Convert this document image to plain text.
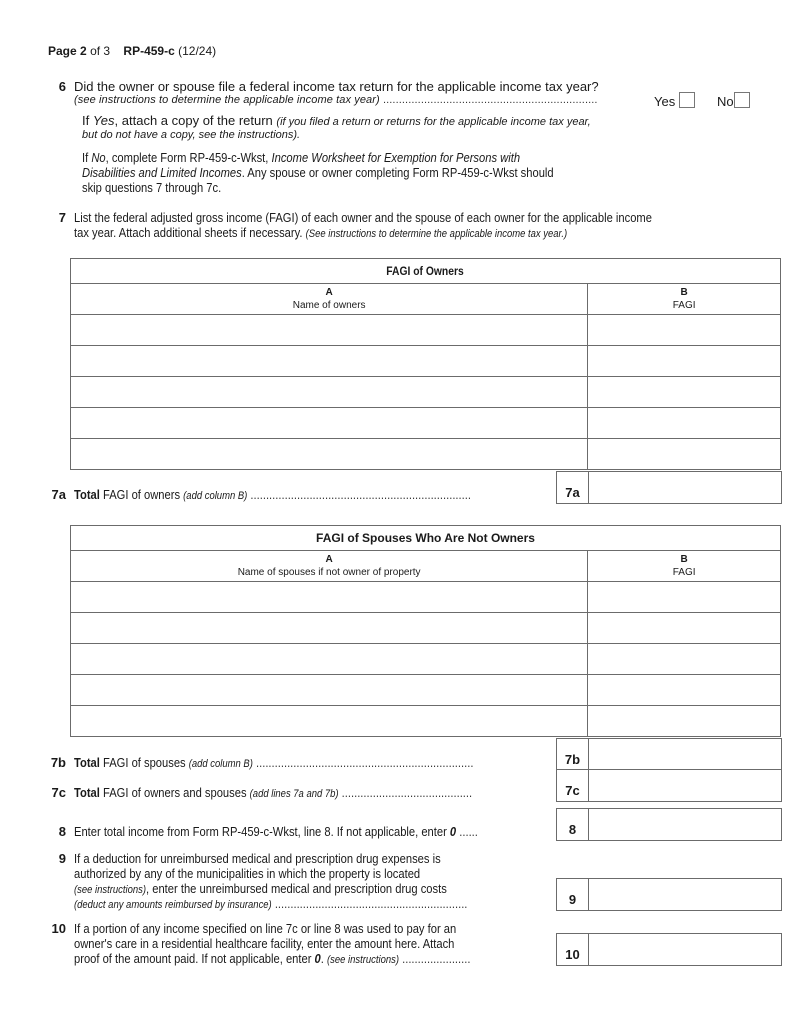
Page 2 of 3 RP-459-c (12/24)
6 Did the owner or spouse file a federal income tax return for the applicable income tax year?
(see instructions to determine the applicable income tax year) ....................................................................	Yes	No
If Yes, attach a copy of the return (if you filed a return or returns for the applicable income tax year,
but do not have a copy, see the instructions).
If No, complete Form RP-459-c-Wkst, Income Worksheet for Exemption for Persons with
Disabilities and Limited Incomes. Any spouse or owner completing Form RP-459-c-Wkst should
skip questions 7 through 7c.
7 List the federal adjusted gross income (FAGI) of each owner and the spouse of each owner for the applicable income
tax year. Attach additional sheets if necessary. (See instructions to determine the applicable income tax year.)
FAGI of Owners	
A
Name of owners	B
FAGI

7a Total FAGI of owners (add column B) .......................................................................	7a
FAGI of Spouses Who Are Not Owners	
A
Name of spouses if not owner of property	B
FAGI

7b Total FAGI of spouses (add column B) ......................................................................	7b
7c Total FAGI of owners and spouses (add lines 7a and 7b) ..........................................	7c
8 Enter total income from Form RP-459-c-Wkst, line 8. If not applicable, enter 0 ......	8
9 If a deduction for unreimbursed medical and prescription drug expenses is
authorized by any of the municipalities in which the property is located
(see instructions), enter the unreimbursed medical and prescription drug costs
(deduct any amounts reimbursed by insurance) ..............................................................	9
10 If a portion of any income specified on line 7c or line 8 was used to pay for an
owner's care in a residential healthcare facility, enter the amount here. Attach
proof of the amount paid. If not applicable, enter 0. (see instructions) ......................	10
